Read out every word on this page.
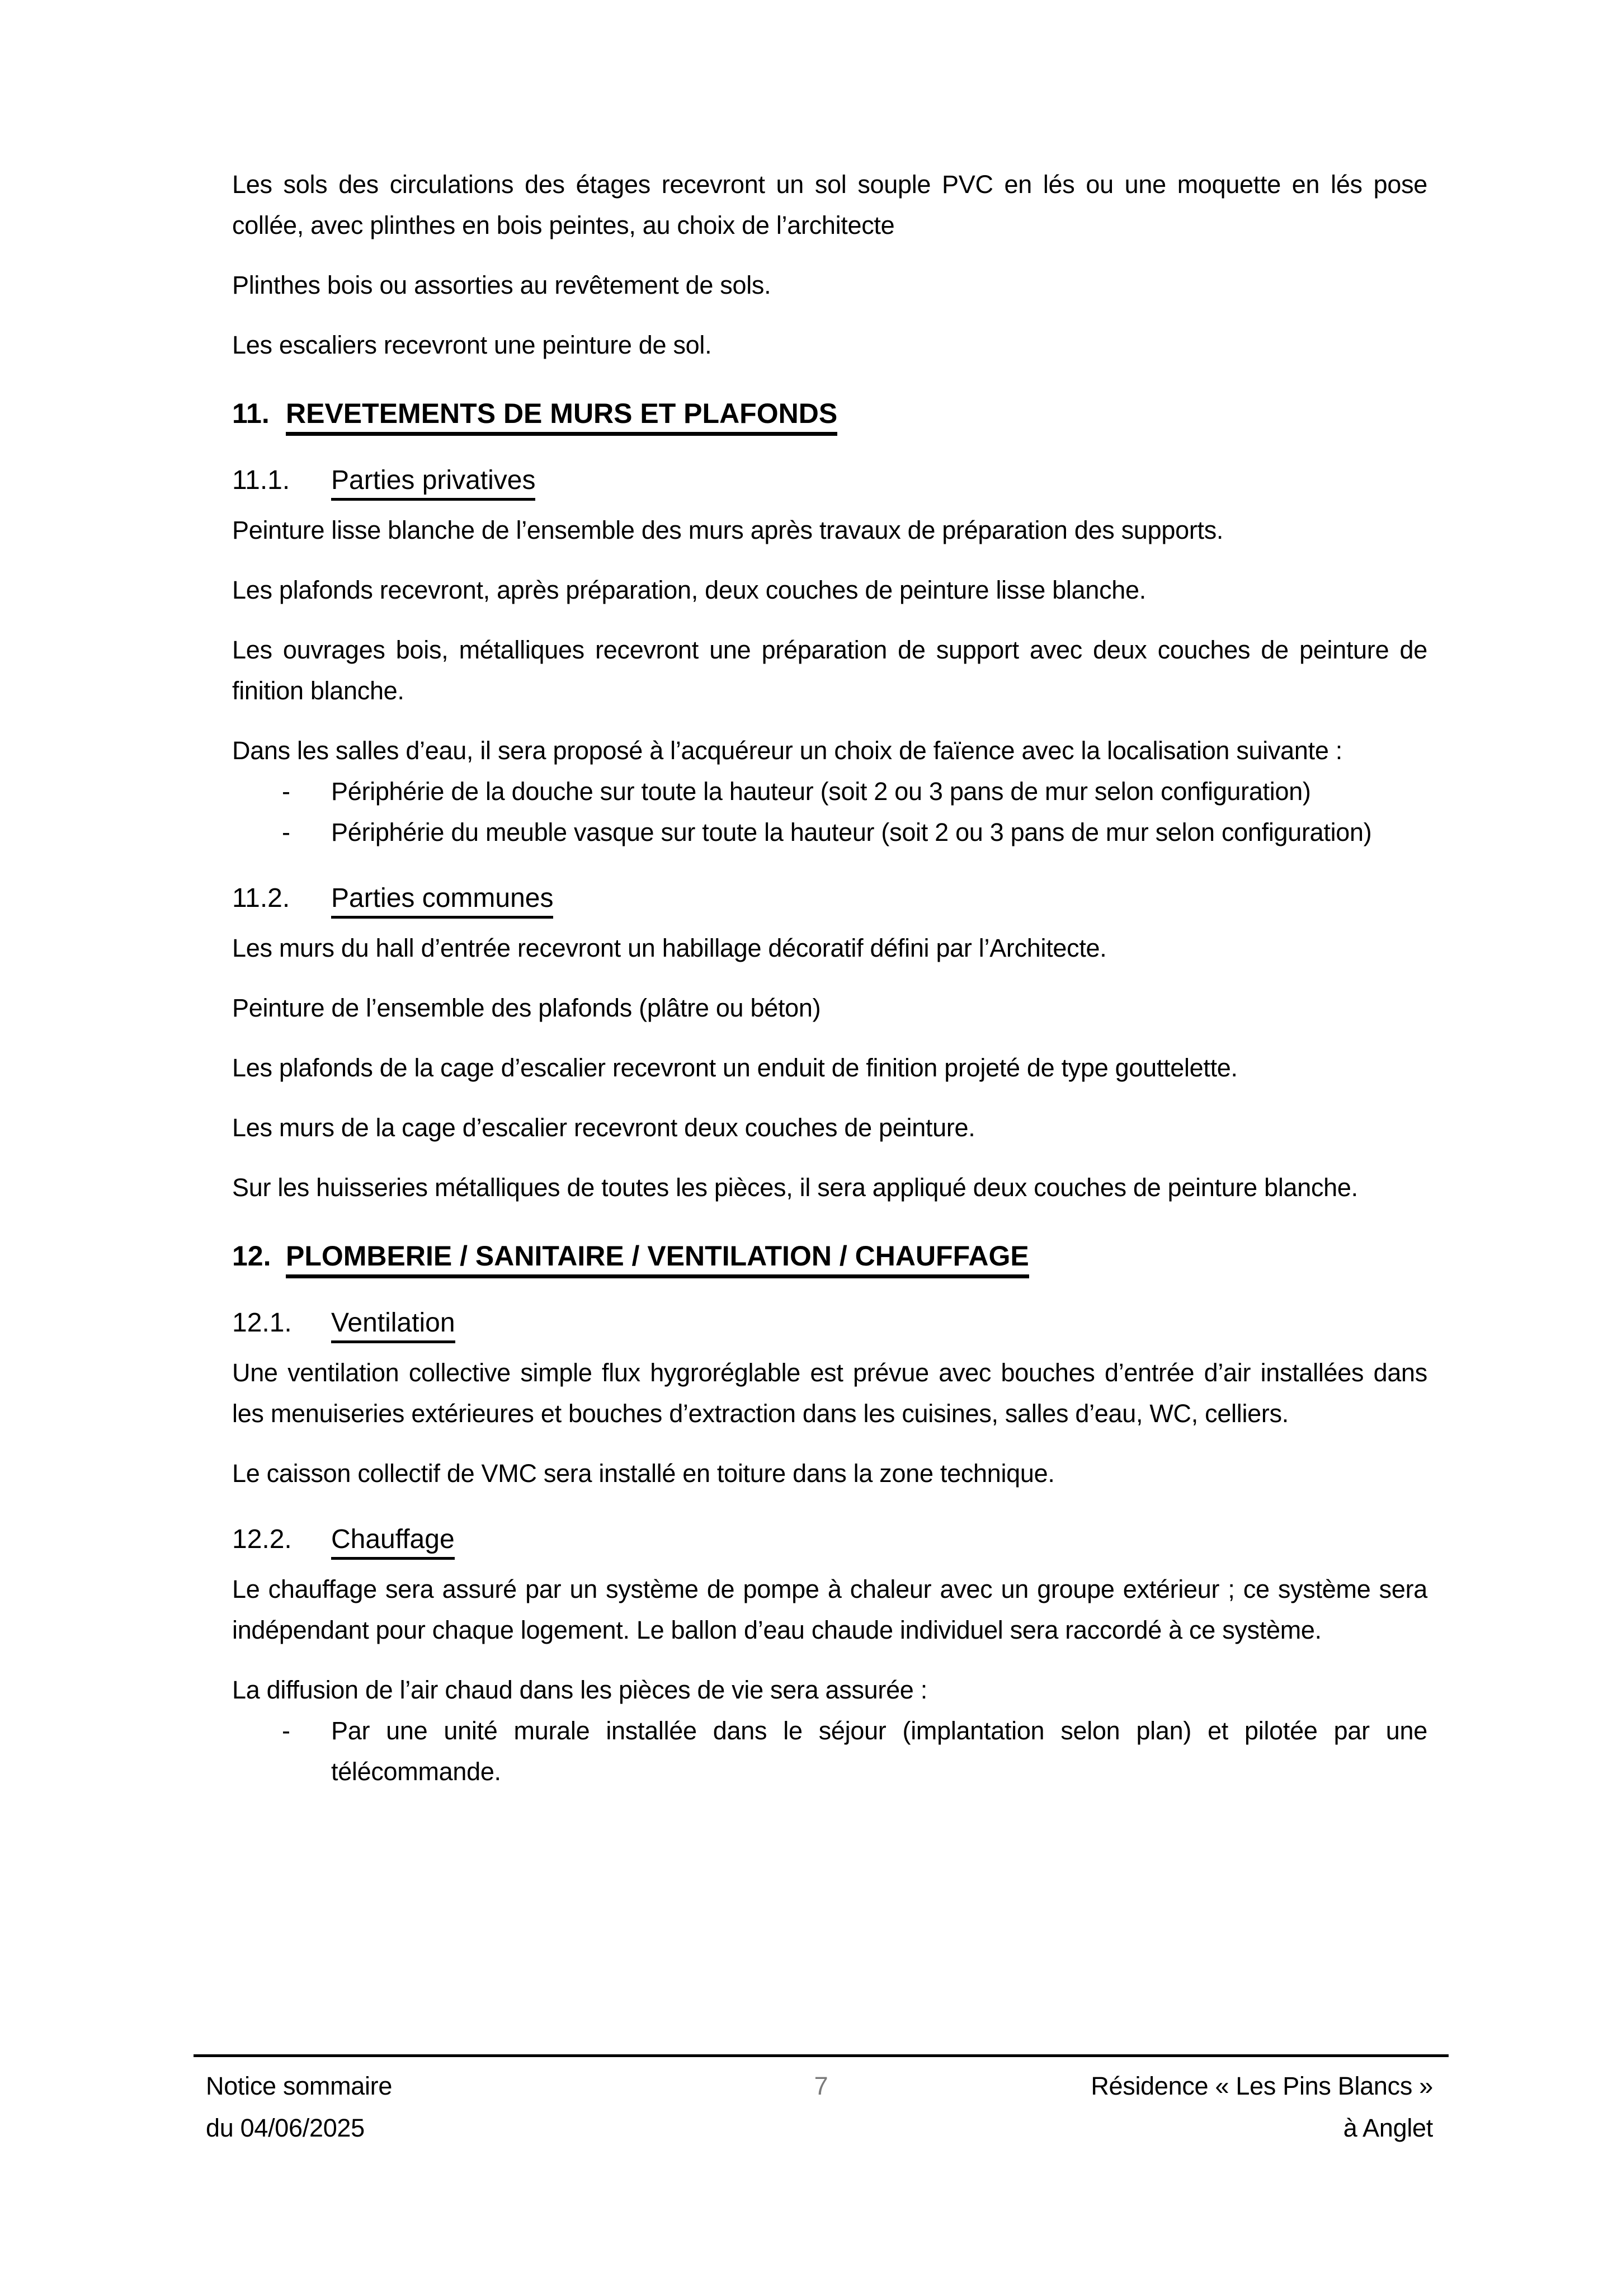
Les sols des circulations des étages recevront un sol souple PVC en lés ou une moquette en lés pose collée, avec plinthes en bois peintes, au choix de l’architecte

Plinthes bois ou assorties au revêtement de sols.

Les escaliers recevront une peinture de sol.

11. REVETEMENTS DE MURS ET PLAFONDS
11.1. Parties privatives

Peinture lisse blanche de l’ensemble des murs après travaux de préparation des supports.

Les plafonds recevront, après préparation, deux couches de peinture lisse blanche.

Les ouvrages bois, métalliques recevront une préparation de support avec deux couches de peinture de finition blanche.

Dans les salles d’eau, il sera proposé à l’acquéreur un choix de faïence avec la localisation suivante :

- Périphérie de la douche sur toute la hauteur (soit 2 ou 3 pans de mur selon configuration)
- Périphérie du meuble vasque sur toute la hauteur (soit 2 ou 3 pans de mur selon configuration)
11.2. Parties communes

Les murs du hall d’entrée recevront un habillage décoratif défini par l’Architecte.

Peinture de l’ensemble des plafonds (plâtre ou béton)

Les plafonds de la cage d’escalier recevront un enduit de finition projeté de type gouttelette.

Les murs de la cage d’escalier recevront deux couches de peinture.

Sur les huisseries métalliques de toutes les pièces, il sera appliqué deux couches de peinture blanche.

12. PLOMBERIE / SANITAIRE / VENTILATION / CHAUFFAGE
12.1. Ventilation

Une ventilation collective simple flux hygroréglable est prévue avec bouches d’entrée d’air installées dans les menuiseries extérieures et bouches d’extraction dans les cuisines, salles d’eau, WC, celliers.

Le caisson collectif de VMC sera installé en toiture dans la zone technique.

12.2. Chauffage

Le chauffage sera assuré par un système de pompe à chaleur avec un groupe extérieur ; ce système sera indépendant pour chaque logement. Le ballon d’eau chaude individuel sera raccordé à ce système.

La diffusion de l’air chaud dans les pièces de vie sera assurée :

- Par une unité murale installée dans le séjour (implantation selon plan) et pilotée par une télécommande.
Notice sommaire
du 04/06/2025
7	Résidence « Les Pins Blancs »
à Anglet
